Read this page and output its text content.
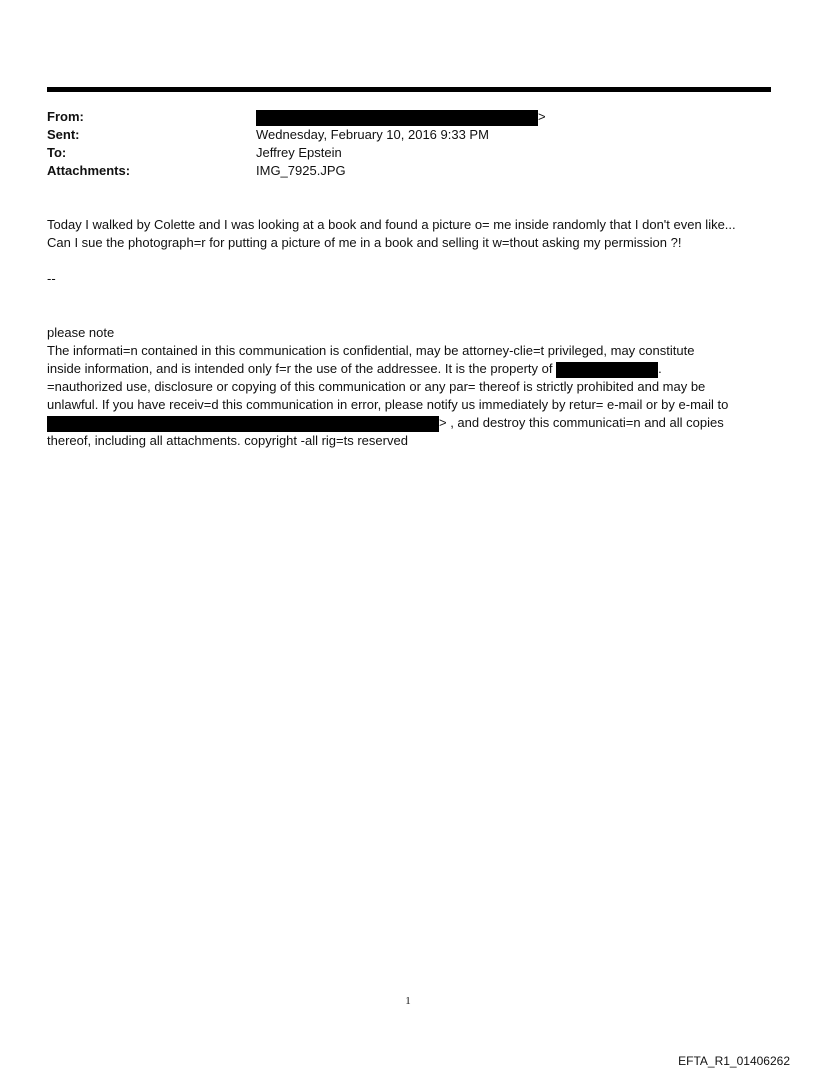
From:	>
Sent:	Wednesday, February 10, 2016 9:33 PM
To:	Jeffrey Epstein
Attachments:	IMG_7925.JPG
Today I walked by Colette and I was looking at a book and found a picture o= me inside randomly that I don't even like...
Can I sue the photograph=r for putting a picture of me in a book and selling it w=thout asking my permission ?!
--
please note
The informati=n contained in this communication is confidential, may be attorney-clie=t privileged, may constitute
inside information, and is intended only f=r the use of the addressee. It is the property of	.
=nauthorized use, disclosure or copying of this communication or any par= thereof is strictly prohibited and may be
unlawful. If you have receiv=d this communication in error, please notify us immediately by retur= e-mail or by e-mail to
> , and destroy this communicati=n and all copies
thereof, including all attachments. copyright -all rig=ts reserved
1
EFTA_R1_01406262
